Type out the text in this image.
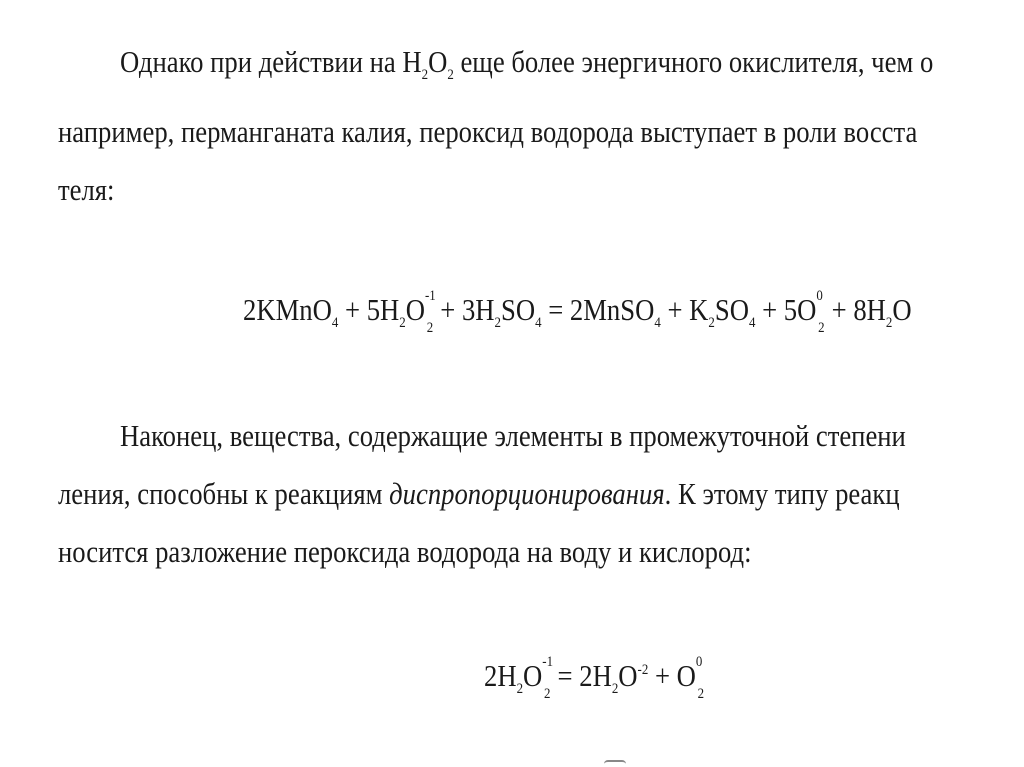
Однако при действии на $H_2O_2$ еще более энергичного окислителя, чем о
например, перманганата калия, пероксид водорода выступает в роли восста
теля:
2KMnO$_4$ + $5H_2O$ -1
2
+ $3H_2SO_4$ = 2MnSO$_4$ + $K_2SO_4 + 5O$ 0
2
+ $8H_2O$
Наконец, вещества, содержащие элементы в промежуточной степени
ления, способны к реакциям диспропорционирования. К этому типу реакц
носится разложение пероксида водорода на воду и кислород:
$2H_2O$ -1
2
= $2H_2O^{-2} + O$ 0
2
